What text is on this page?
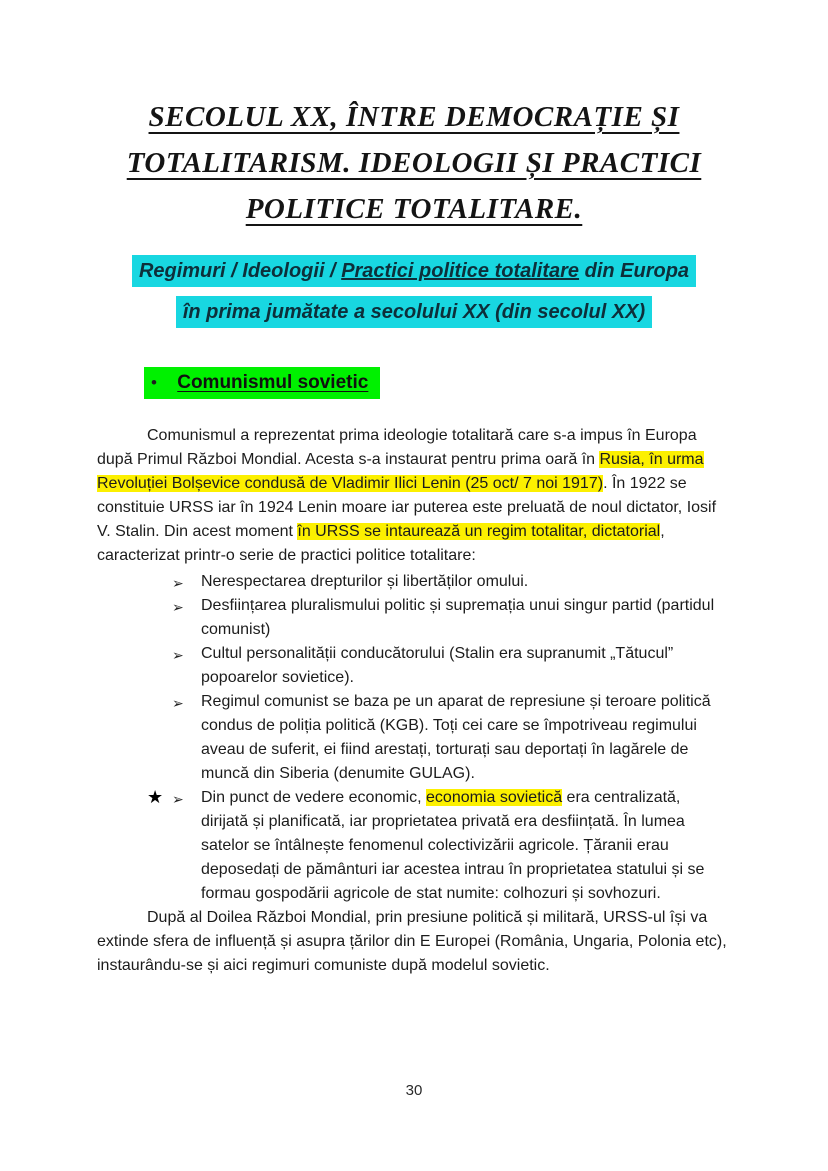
SECOLUL XX, ÎNTRE DEMOCRAȚIE ȘI
TOTALITARISM. IDEOLOGII ȘI PRACTICI
POLITICE TOTALITARE.
Regimuri / Ideologii / Practici politice totalitare din Europa
în prima jumătate a secolului XX (din secolul XX)
• Comunismul sovietic

Comunismul a reprezentat prima ideologie totalitară care s-a impus în Europa după Primul Război Mondial. Acesta s-a instaurat pentru prima oară în Rusia, în urma Revoluției Bolșevice condusă de Vladimir Ilici Lenin (25 oct/ 7 noi 1917). În 1922 se constituie URSS iar în 1924 Lenin moare iar puterea este preluată de noul dictator, Iosif V. Stalin. Din acest moment în URSS se intaurează un regim totalitar, dictatorial, caracterizat printr-o serie de practici politice totalitare:

➢ Nerespectarea drepturilor și libertăților omului.
➢ Desființarea pluralismului politic și supremația unui singur partid (partidul comunist)
➢ Cultul personalității conducătorului (Stalin era supranumit „Tătucul” popoarelor sovietice).
➢ Regimul comunist se baza pe un aparat de represiune și teroare politică condus de poliția politică (KGB). Toți cei care se împotriveau regimului aveau de suferit, ei fiind arestați, torturați sau deportați în lagărele de muncă din Siberia (denumite GULAG).
★ ➢ Din punct de vedere economic, economia sovietică era centralizată, dirijată și planificată, iar proprietatea privată era desființată. În lumea satelor se întâlnește fenomenul colectivizării agricole. Țăranii erau deposedați de pământuri iar acestea intrau în proprietatea statului și se formau gospodării agricole de stat numite: colhozuri și sovhozuri.

După al Doilea Război Mondial, prin presiune politică și militară, URSS-ul își va extinde sfera de influență și asupra țărilor din E Europei (România, Ungaria, Polonia etc), instaurându-se și aici regimuri comuniste după modelul sovietic.

30
